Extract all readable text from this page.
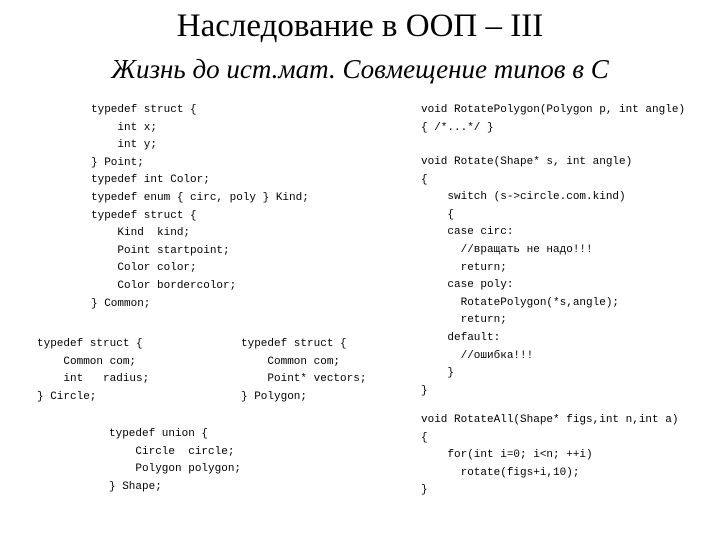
Наследование в ООП – III
Жизнь до ист.мат. Совмещение типов в C
typedef struct {
int x;
int y;
} Point;
typedef int Color;
typedef enum { circ, poly } Kind;
typedef struct {
Kind  kind;
Point startpoint;
Color color;
Color bordercolor;
} Common;
typedef struct {
Common com;
int   radius;
} Circle;
typedef struct {
Common com;
Point* vectors;
} Polygon;
typedef union {
Circle  circle;
Polygon polygon;
} Shape;
void RotatePolygon(Polygon p, int angle)
{ /*...*/ }
void Rotate(Shape* s, int angle)
{
switch (s->circle.com.kind)
{
case circ:
//вращать не надо!!!
return;
case poly:
RotatePolygon(*s,angle);
return;
default:
//ошибка!!!
}
}
void RotateAll(Shape* figs,int n,int a)
{
for(int i=0; i<n; ++i)
rotate(figs+i,10);
}
